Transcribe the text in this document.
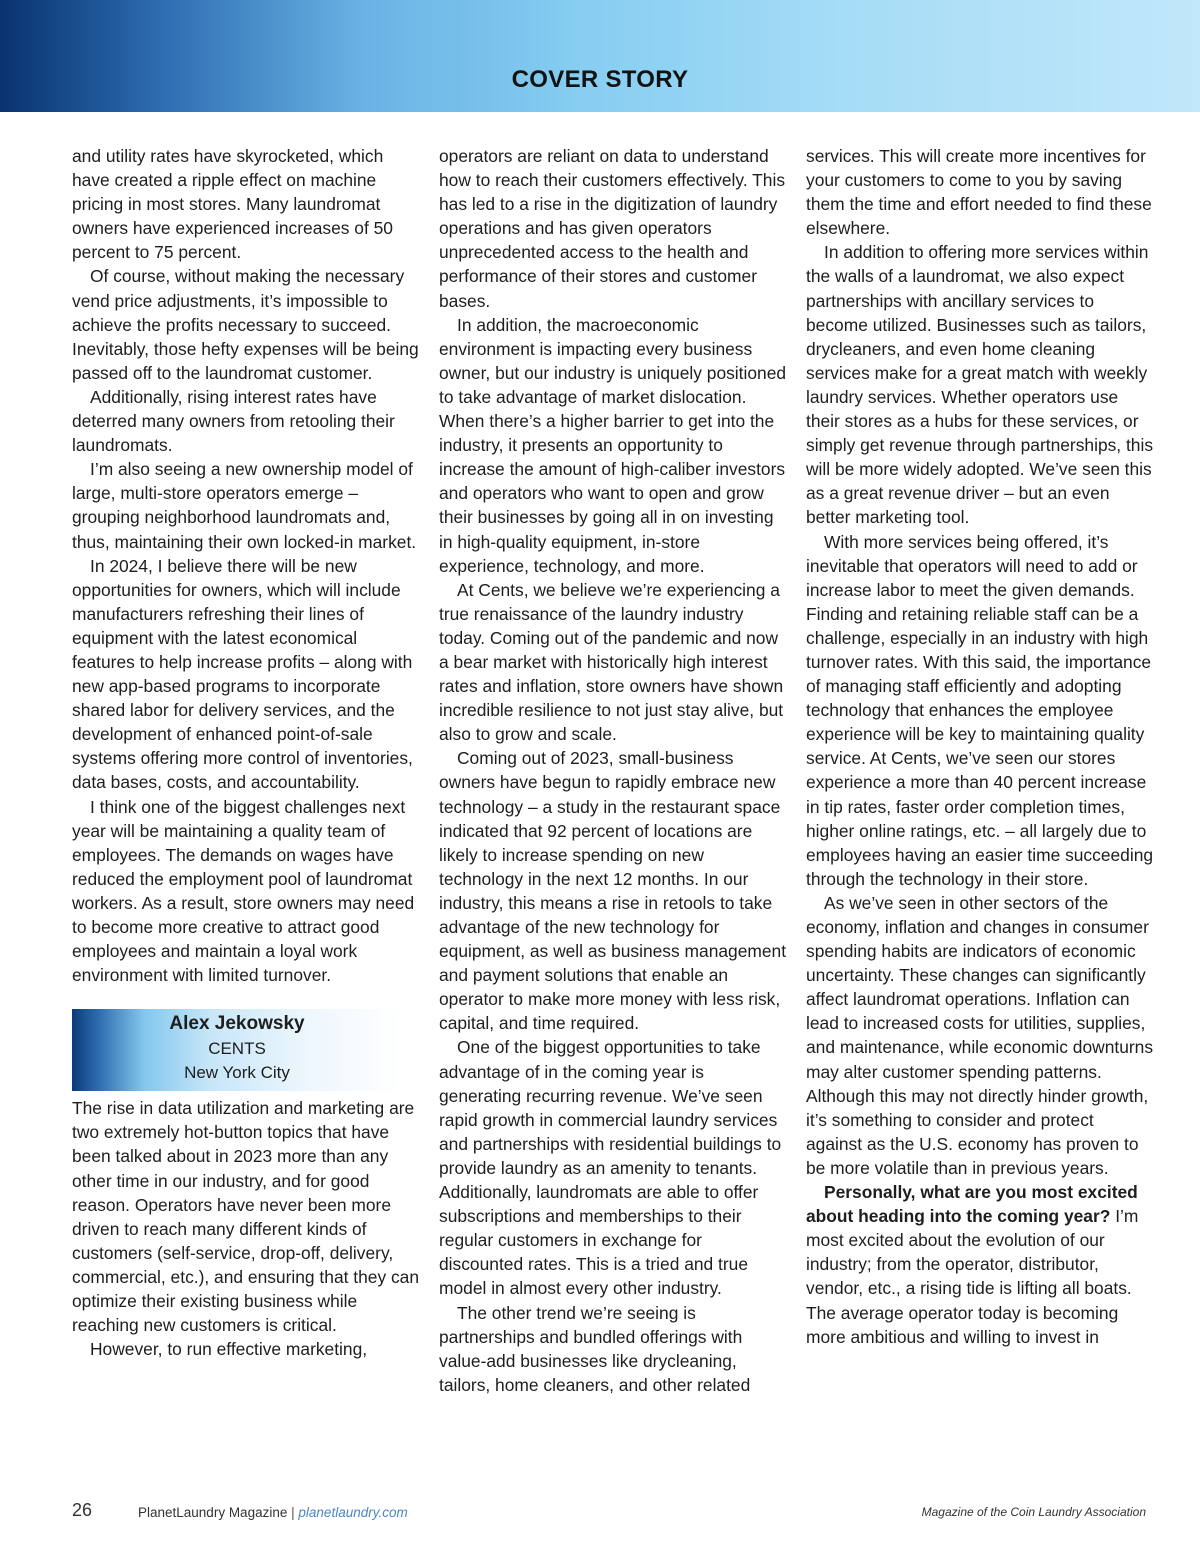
COVER STORY

and utility rates have skyrocketed, which have created a ripple effect on machine pricing in most stores. Many laundromat owners have experienced increases of 50 percent to 75 percent.

Of course, without making the necessary vend price adjustments, it’s impossible to achieve the profits necessary to succeed. Inevitably, those hefty expenses will be being passed off to the laundromat customer.

Additionally, rising interest rates have deterred many owners from retooling their laundromats.

I’m also seeing a new ownership model of large, multi-store operators emerge – grouping neighborhood laundromats and, thus, maintaining their own locked-in market.

In 2024, I believe there will be new opportunities for owners, which will include manufacturers refreshing their lines of equipment with the latest economical features to help increase profits – along with new app-based programs to incorporate shared labor for delivery services, and the development of enhanced point-of-sale systems offering more control of inventories, data bases, costs, and accountability.

I think one of the biggest challenges next year will be maintaining a quality team of employees. The demands on wages have reduced the employment pool of laundromat workers. As a result, store owners may need to become more creative to attract good employees and maintain a loyal work environment with limited turnover.

Alex Jekowsky
CENTS
New York City

The rise in data utilization and marketing are two extremely hot-button topics that have been talked about in 2023 more than any other time in our industry, and for good reason. Operators have never been more driven to reach many different kinds of customers (self-service, drop-off, delivery, commercial, etc.), and ensuring that they can optimize their existing business while reaching new customers is critical.

However, to run effective marketing,

operators are reliant on data to understand how to reach their customers effectively. This has led to a rise in the digitization of laundry operations and has given operators unprecedented access to the health and performance of their stores and customer bases.

In addition, the macroeconomic environment is impacting every business owner, but our industry is uniquely positioned to take advantage of market dislocation. When there’s a higher barrier to get into the industry, it presents an opportunity to increase the amount of high-caliber investors and operators who want to open and grow their businesses by going all in on investing in high-quality equipment, in-store experience, technology, and more.

At Cents, we believe we’re experiencing a true renaissance of the laundry industry today. Coming out of the pandemic and now a bear market with historically high interest rates and inflation, store owners have shown incredible resilience to not just stay alive, but also to grow and scale.

Coming out of 2023, small-business owners have begun to rapidly embrace new technology – a study in the restaurant space indicated that 92 percent of locations are likely to increase spending on new technology in the next 12 months. In our industry, this means a rise in retools to take advantage of the new technology for equipment, as well as business management and payment solutions that enable an operator to make more money with less risk, capital, and time required.

One of the biggest opportunities to take advantage of in the coming year is generating recurring revenue. We’ve seen rapid growth in commercial laundry services and partnerships with residential buildings to provide laundry as an amenity to tenants. Additionally, laundromats are able to offer subscriptions and memberships to their regular customers in exchange for discounted rates. This is a tried and true model in almost every other industry.

The other trend we’re seeing is partnerships and bundled offerings with value-add businesses like drycleaning, tailors, home cleaners, and other related

services. This will create more incentives for your customers to come to you by saving them the time and effort needed to find these elsewhere.

In addition to offering more services within the walls of a laundromat, we also expect partnerships with ancillary services to become utilized. Businesses such as tailors, drycleaners, and even home cleaning services make for a great match with weekly laundry services. Whether operators use their stores as a hubs for these services, or simply get revenue through partnerships, this will be more widely adopted. We’ve seen this as a great revenue driver – but an even better marketing tool.

With more services being offered, it’s inevitable that operators will need to add or increase labor to meet the given demands. Finding and retaining reliable staff can be a challenge, especially in an industry with high turnover rates. With this said, the importance of managing staff efficiently and adopting technology that enhances the employee experience will be key to maintaining quality service. At Cents, we’ve seen our stores experience a more than 40 percent increase in tip rates, faster order completion times, higher online ratings, etc. – all largely due to employees having an easier time succeeding through the technology in their store.

As we’ve seen in other sectors of the economy, inflation and changes in consumer spending habits are indicators of economic uncertainty. These changes can significantly affect laundromat operations. Inflation can lead to increased costs for utilities, supplies, and maintenance, while economic downturns may alter customer spending patterns. Although this may not directly hinder growth, it’s something to consider and protect against as the U.S. economy has proven to be more volatile than in previous years.

Personally, what are you most excited about heading into the coming year? I’m most excited about the evolution of our industry; from the operator, distributor, vendor, etc., a rising tide is lifting all boats. The average operator today is becoming more ambitious and willing to invest in

26	PlanetLaundry Magazine | planetlaundry.com	Magazine of the Coin Laundry Association
